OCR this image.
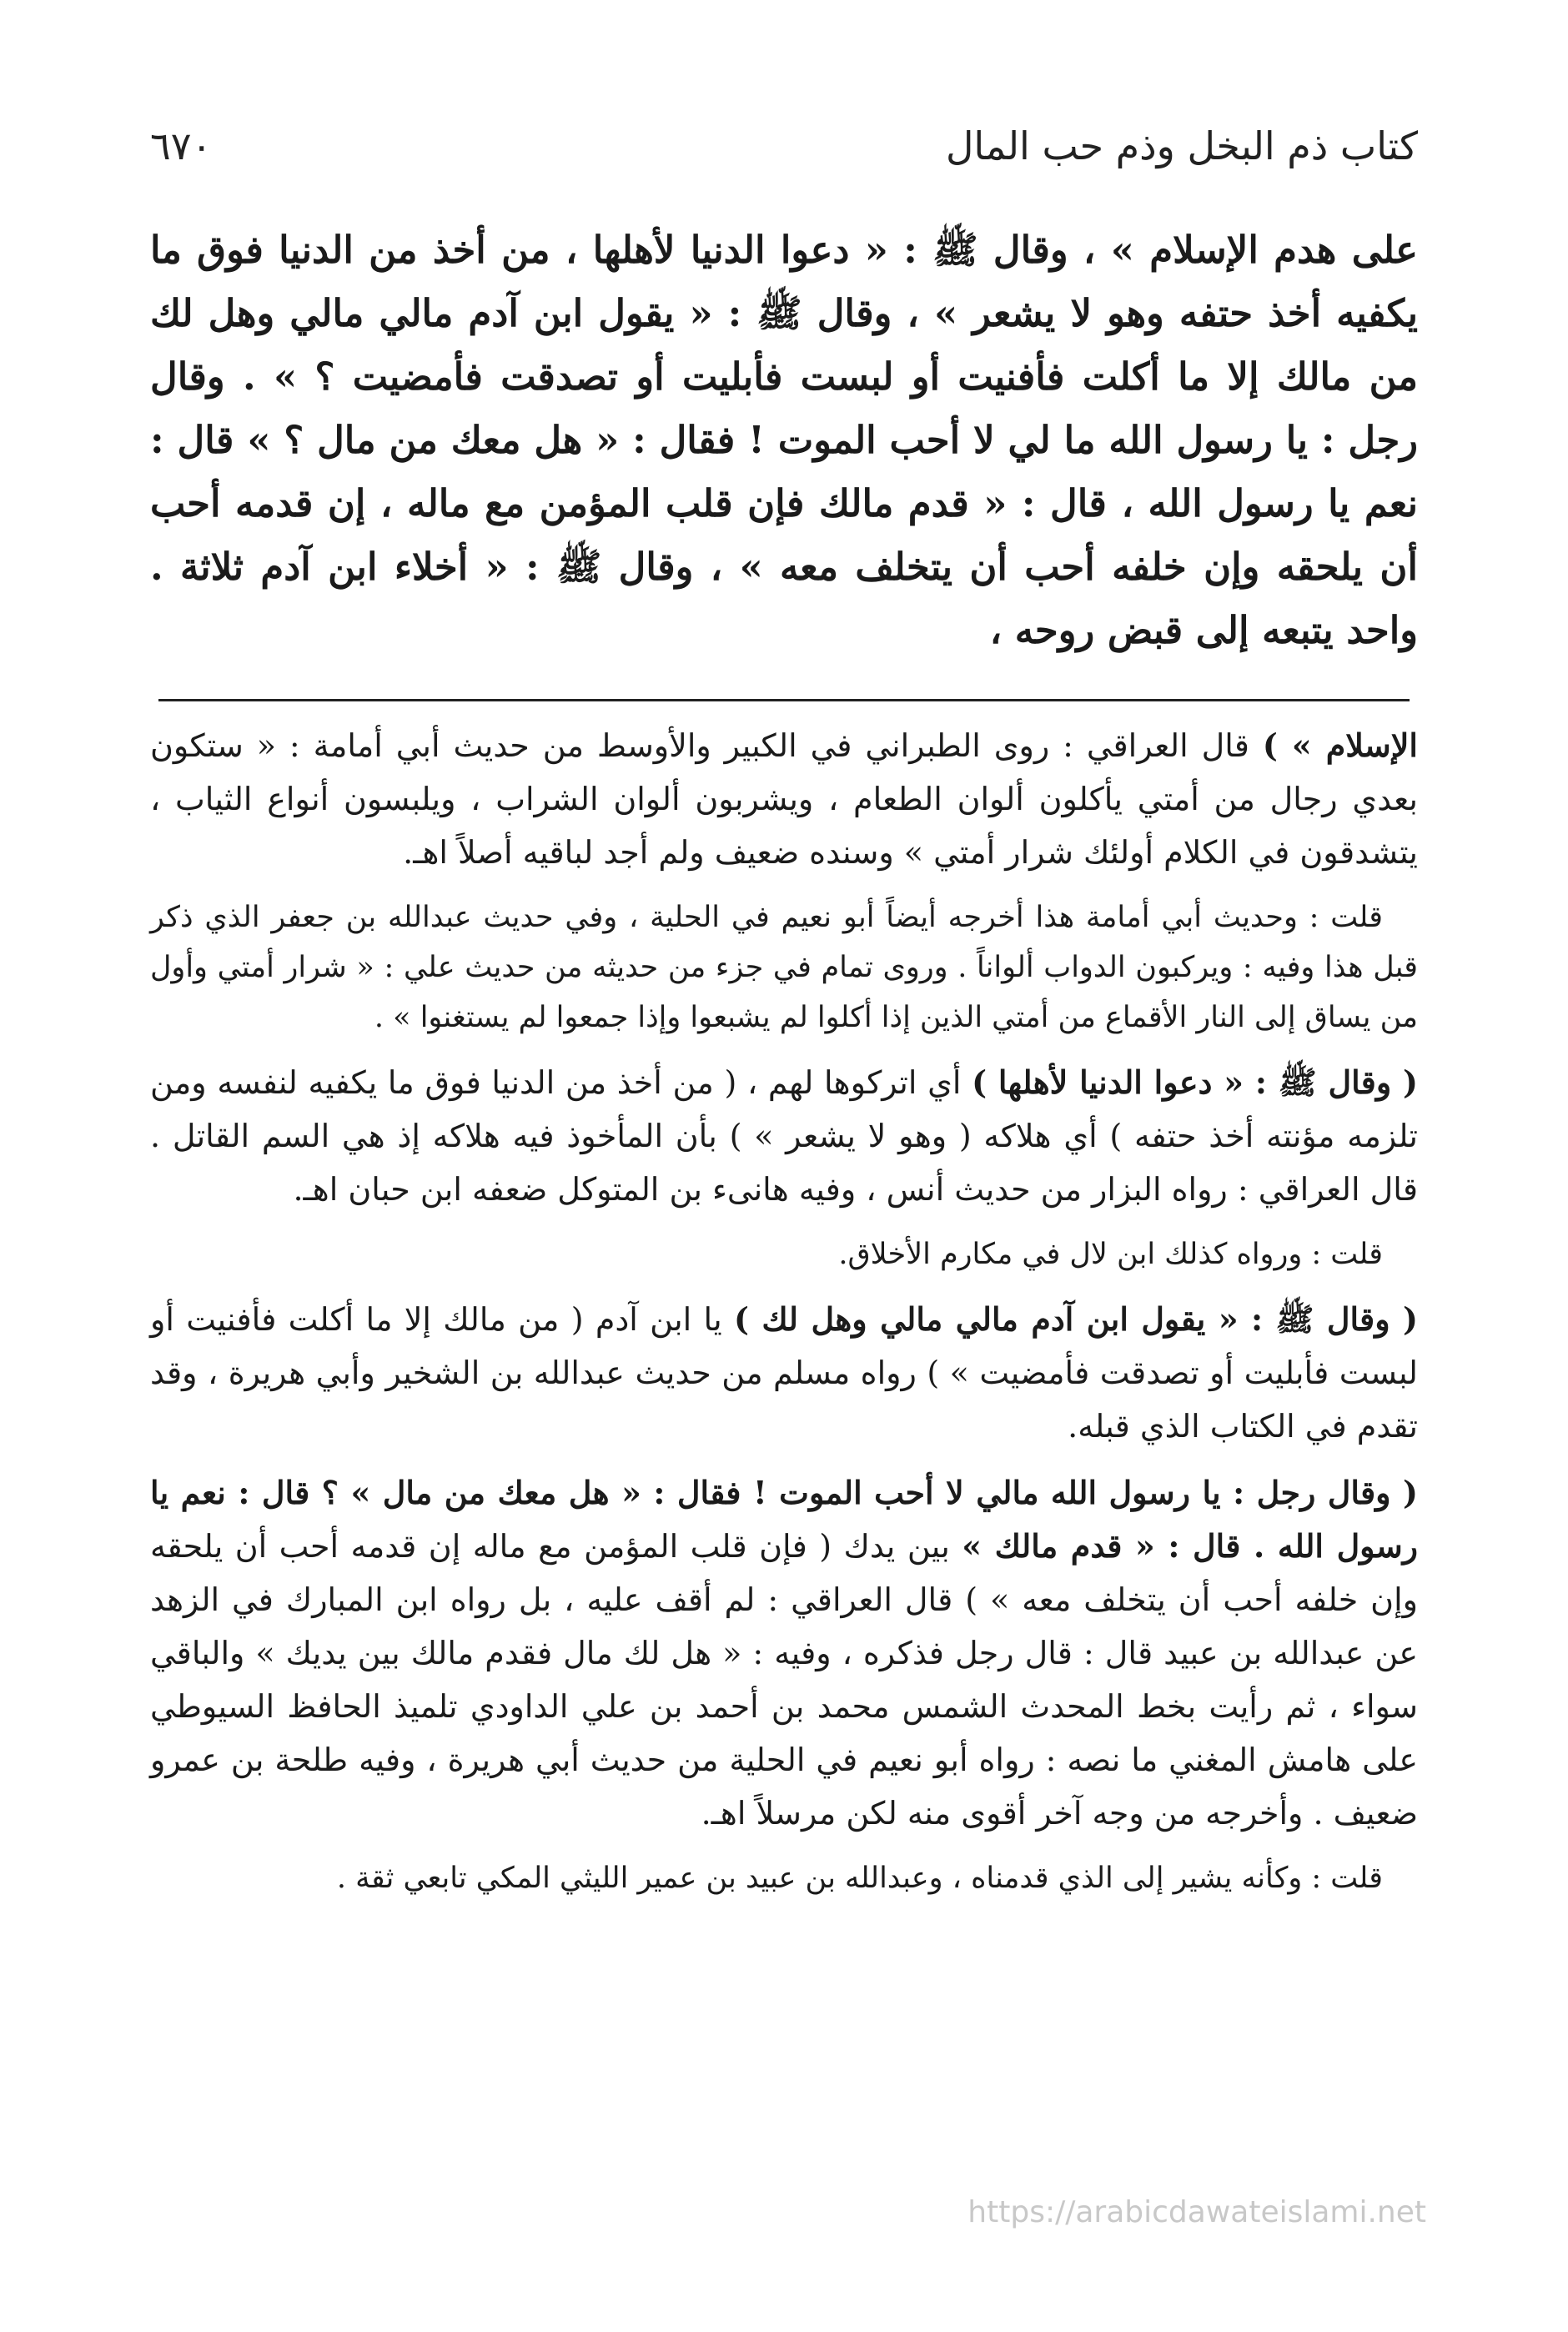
كتاب ذم البخل وذم حب المال
٦٧٠
على هدم الإسلام » ، وقال ﷺ : « دعوا الدنيا لأهلها ، من أخذ من الدنيا فوق ما يكفيه أخذ حتفه وهو لا يشعر » ، وقال ﷺ : « يقول ابن آدم مالي مالي وهل لك من مالك إلا ما أكلت فأفنيت أو لبست فأبليت أو تصدقت فأمضيت ؟ » . وقال رجل : يا رسول الله ما لي لا أحب الموت ! فقال : « هل معك من مال ؟ » قال : نعم يا رسول الله ، قال : « قدم مالك فإن قلب المؤمن مع ماله ، إن قدمه أحب أن يلحقه وإن خلفه أحب أن يتخلف معه » ، وقال ﷺ : « أخلاء ابن آدم ثلاثة . واحد يتبعه إلى قبض روحه ،

الإسلام » ) قال العراقي : روى الطبراني في الكبير والأوسط من حديث أبي أمامة : « ستكون بعدي رجال من أمتي يأكلون ألوان الطعام ، ويشربون ألوان الشراب ، ويلبسون أنواع الثياب ، يتشدقون في الكلام أولئك شرار أمتي » وسنده ضعيف ولم أجد لباقيه أصلاً اهـ.

قلت : وحديث أبي أمامة هذا أخرجه أيضاً أبو نعيم في الحلية ، وفي حديث عبدالله بن جعفر الذي ذكر قبل هذا وفيه : ويركبون الدواب ألواناً . وروى تمام في جزء من حديثه من حديث علي : « شرار أمتي وأول من يساق إلى النار الأقماع من أمتي الذين إذا أكلوا لم يشبعوا وإذا جمعوا لم يستغنوا » .

( وقال ﷺ : « دعوا الدنيا لأهلها ) أي اتركوها لهم ، ( من أخذ من الدنيا فوق ما يكفيه لنفسه ومن تلزمه مؤنته أخذ حتفه ) أي هلاكه ( وهو لا يشعر » ) بأن المأخوذ فيه هلاكه إذ هي السم القاتل . قال العراقي : رواه البزار من حديث أنس ، وفيه هانىء بن المتوكل ضعفه ابن حبان اهـ.

قلت : ورواه كذلك ابن لال في مكارم الأخلاق.

( وقال ﷺ : « يقول ابن آدم مالي مالي وهل لك ) يا ابن آدم ( من مالك إلا ما أكلت فأفنيت أو لبست فأبليت أو تصدقت فأمضيت » ) رواه مسلم من حديث عبدالله بن الشخير وأبي هريرة ، وقد تقدم في الكتاب الذي قبله.

( وقال رجل : يا رسول الله مالي لا أحب الموت ! فقال : « هل معك من مال » ؟ قال : نعم يا رسول الله . قال : « قدم مالك » بين يدك ( فإن قلب المؤمن مع ماله إن قدمه أحب أن يلحقه وإن خلفه أحب أن يتخلف معه » ) قال العراقي : لم أقف عليه ، بل رواه ابن المبارك في الزهد عن عبدالله بن عبيد قال : قال رجل فذكره ، وفيه : « هل لك مال فقدم مالك بين يديك » والباقي سواء ، ثم رأيت بخط المحدث الشمس محمد بن أحمد بن علي الداودي تلميذ الحافظ السيوطي على هامش المغني ما نصه : رواه أبو نعيم في الحلية من حديث أبي هريرة ، وفيه طلحة بن عمرو ضعيف . وأخرجه من وجه آخر أقوى منه لكن مرسلاً اهـ.

قلت : وكأنه يشير إلى الذي قدمناه ، وعبدالله بن عبيد بن عمير الليثي المكي تابعي ثقة .

https://arabicdawateislami.net
